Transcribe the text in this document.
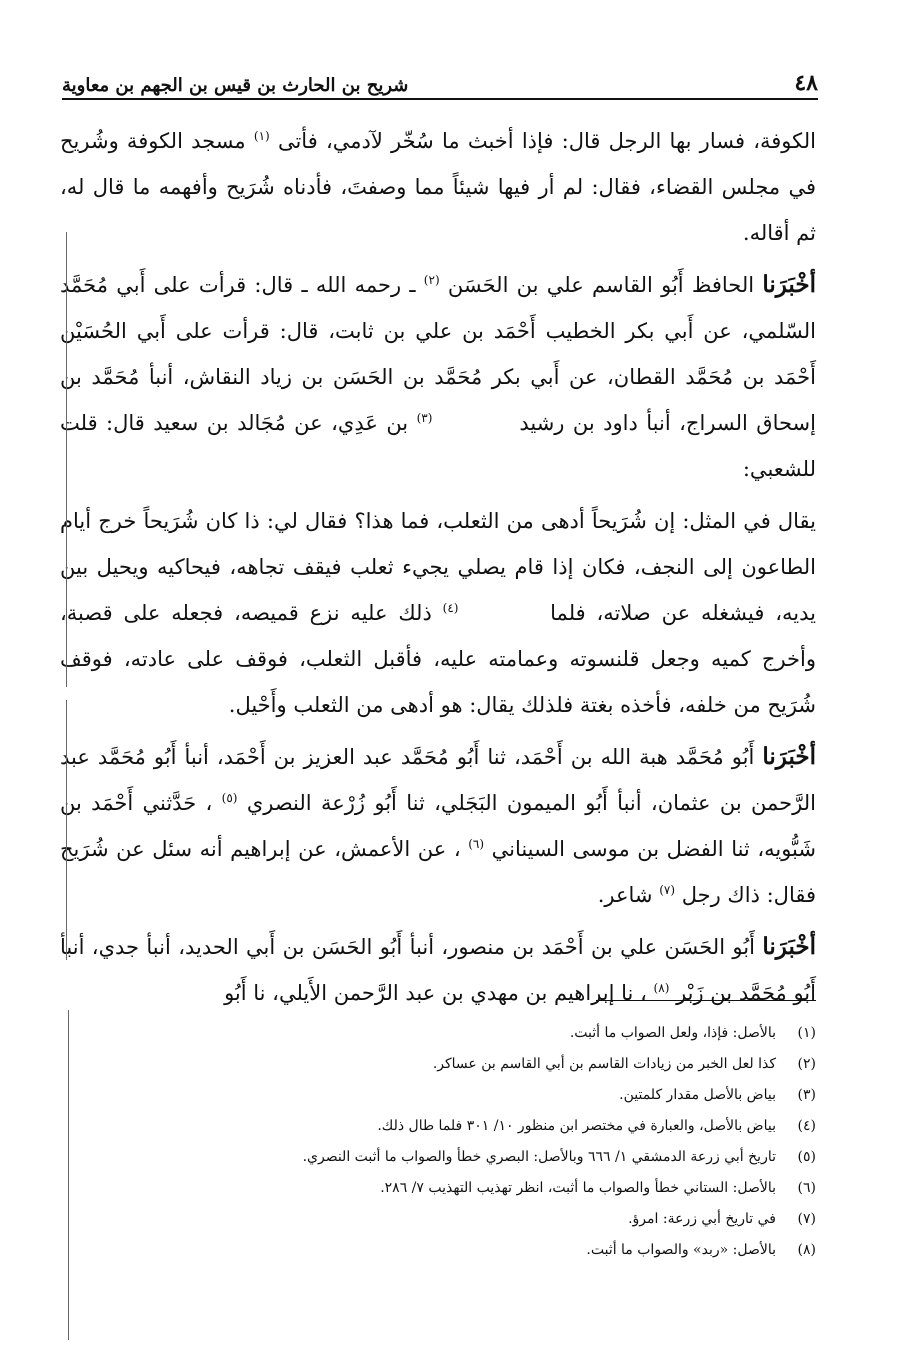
شريح بن الحارث بن قيس بن الجهم بن معاوية	٤٨

الكوفة، فسار بها الرجل قال: فإذا أخبث ما سُخّر لآدمي، فأتى $^{(١)}$ مسجد الكوفة وشُريح في مجلس القضاء، فقال: لم أر فيها شيئاً مما وصفتَ، فأدناه شُرَيح وأفهمه ما قال له، ثم أقاله.

أخْبَرَنا الحافظ أَبُو القاسم علي بن الحَسَن $^{(٢)}$ ـ رحمه الله ـ قال: قرأت على أَبي مُحَمَّد السّلمي، عن أَبي بكر الخطيب أَحْمَد بن علي بن ثابت، قال: قرأت على أَبي الحُسَيْن أَحْمَد بن مُحَمَّد القطان، عن أَبي بكر مُحَمَّد بن الحَسَن بن زياد النقاش، أنبأ مُحَمَّد بن إسحاق السراج، أنبأ داود بن رشيد  $^{(٣)}$ بن عَدِي، عن مُجَالد بن سعيد قال: قلت للشعبي:

يقال في المثل: إن شُرَيحاً أدهى من الثعلب، فما هذا؟ فقال لي: ذا كان شُرَيحاً خرج أيام الطاعون إلى النجف، فكان إذا قام يصلي يجيء ثعلب فيقف تجاهه، فيحاكيه ويحيل بين يديه، فيشغله عن صلاته، فلما  $^{(٤)}$ ذلك عليه نزع قميصه، فجعله على قصبة، وأخرج كميه وجعل قلنسوته وعمامته عليه، فأقبل الثعلب، فوقف على عادته، فوقف شُرَيح من خلفه، فأخذه بغتة فلذلك يقال: هو أدهى من الثعلب وأَحْيل.

أخْبَرَنا أَبُو مُحَمَّد هبة الله بن أَحْمَد، ثنا أَبُو مُحَمَّد عبد العزيز بن أَحْمَد، أنبأ أَبُو مُحَمَّد عبد الرَّحمن بن عثمان، أنبأ أَبُو الميمون البَجَلي، ثنا أَبُو زُرْعة النصري $^{(٥)}$ ، حَدَّثني أَحْمَد بن شَبُّويه، ثنا الفضل بن موسى السيناني $^{(٦)}$ ، عن الأعمش، عن إبراهيم أنه سئل عن شُرَيح فقال: ذاك رجل $^{(٧)}$ شاعر.

أخْبَرَنا أَبُو الحَسَن علي بن أَحْمَد بن منصور، أنبأ أَبُو الحَسَن بن أَبي الحديد، أنبأ جدي، أنبأ أَبُو مُحَمَّد بن زَبْر $^{(٨)}$ ، نا إبراهيم بن مهدي بن عبد الرَّحمن الأَيلي، نا أَبُو

(١)
بالأصل: فإذا، ولعل الصواب ما أثبت.
(٢)
كذا لعل الخبر من زيادات القاسم بن أبي القاسم بن عساكر.
(٣)
بياض بالأصل مقدار كلمتين.
(٤)
بياض بالأصل، والعبارة في مختصر ابن منظور ١٠/ ٣٠١ فلما طال ذلك.
(٥)
تاريخ أبي زرعة الدمشقي ١/ ٦٦٦ وبالأصل: البصري خطأ والصواب ما أثبت النصري.
(٦)
بالأصل: الستاني خطأ والصواب ما أثبت، انظر تهذيب التهذيب ٧/ ٢٨٦.
(٧)
في تاريخ أبي زرعة: امرؤ.
(٨)
بالأصل: «ربد» والصواب ما أثبت.
